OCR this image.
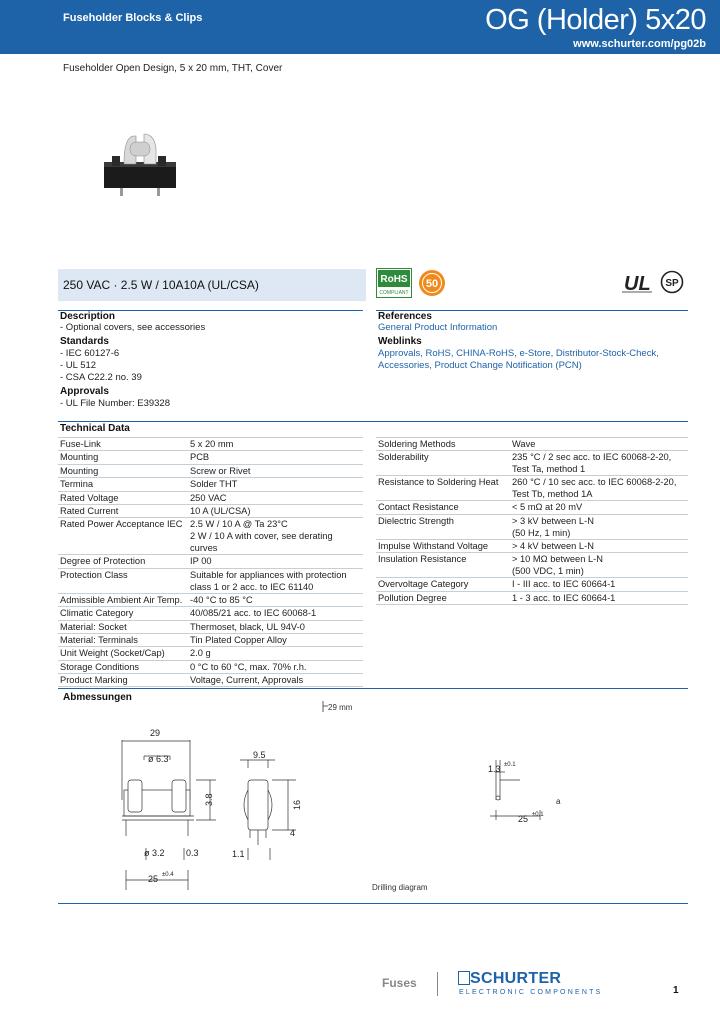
Fuseholder Blocks & Clips	OG (Holder) 5x20
www.schurter.com/pg02b
Fuseholder Open Design, 5 x 20 mm, THT, Cover
250 VAC · 2.5 W / 10A10A (UL/CSA)	RoHS
COMPLIANT
50	UL SP
Description
- Optional covers, see accessories
Standards
- IEC 60127-6
- UL 512
- CSA C22.2 no. 39
Approvals
- UL File Number: E39328
References
General Product Information
Weblinks
Approvals, RoHS, CHINA-RoHS, e-Store, Distributor-Stock-Check,
Accessories, Product Change Notification (PCN)
Technical Data
Fuse-Link	5 x 20 mm
Mounting	PCB
Mounting	Screw or Rivet
Termina	Solder THT
Rated Voltage	250 VAC
Rated Current	10 A (UL/CSA)
Rated Power Acceptance IEC	2.5 W / 10 A @ Ta 23°C
2 W / 10 A with cover, see derating curves

Degree of Protection	IP 00
Protection Class	Suitable for appliances with protection
class 1 or 2 acc. to IEC 61140

Admissible Ambient Air Temp.	-40 °C to 85 °C
Climatic Category	40/085/21 acc. to IEC 60068-1
Material: Socket	Thermoset, black, UL 94V-0
Material: Terminals	Tin Plated Copper Alloy
Unit Weight (Socket/Cap)	2.0 g
Storage Conditions	0 °C to 60 °C, max. 70% r.h.
Product Marking	Voltage, Current, Approvals
Soldering Methods	Wave
Solderability	235 °C / 2 sec acc. to IEC 60068-2-20,
Test Ta, method 1

Resistance to Soldering Heat	260 °C / 10 sec acc. to IEC 60068-2-20,
Test Tb, method 1A

Contact Resistance	< 5 mΩ at 20 mV
Dielectric Strength	> 3 kV between L-N
(50 Hz, 1 min)

Impulse Withstand Voltage	> 4 kV between L-N
Insulation Resistance	> 10 MΩ between L-N
(500 VDC, 1 min)

Overvoltage Category	I - III acc. to IEC 60664-1
Pollution Degree	1 - 3 acc. to IEC 60664-1
Abmessungen
29 mm
29
ø 6.3
3.8
ø 3.2 0.3
25 ±0.4
9.5
16
4
1.1
1.3 ±0.1
25 ±0.1
a
Drilling diagram
Fuses	SCHURTER
ELECTRONIC COMPONENTS	1
